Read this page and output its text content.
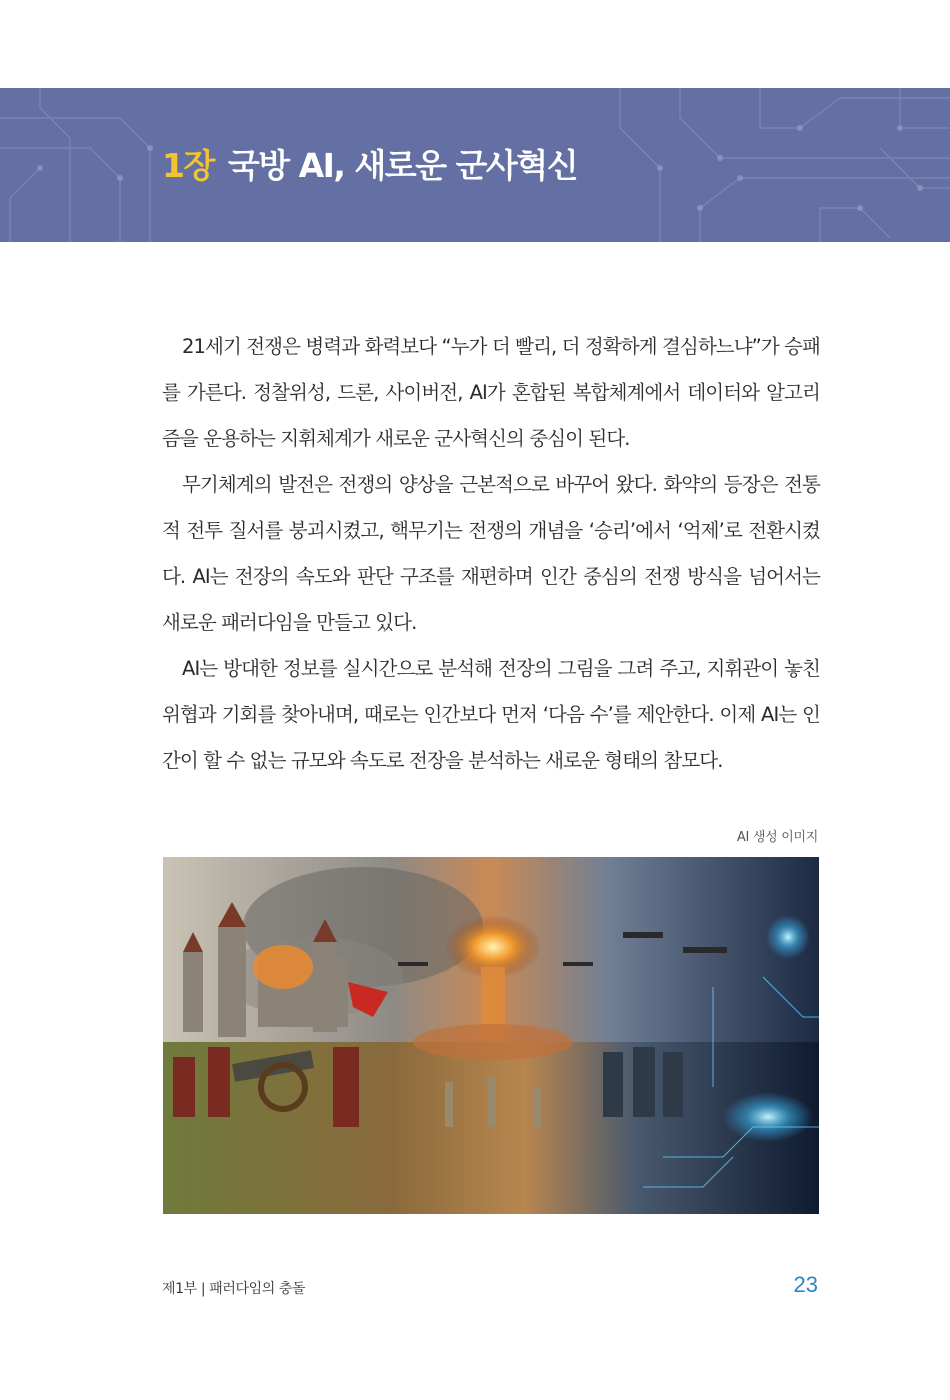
1장 국방 AI, 새로운 군사혁신

21세기 전쟁은 병력과 화력보다 “누가 더 빨리, 더 정확하게 결심하느냐”가 승패를 가른다. 정찰위성, 드론, 사이버전, AI가 혼합된 복합체계에서 데이터와 알고리즘을 운용하는 지휘체계가 새로운 군사혁신의 중심이 된다.

무기체계의 발전은 전쟁의 양상을 근본적으로 바꾸어 왔다. 화약의 등장은 전통적 전투 질서를 붕괴시켰고, 핵무기는 전쟁의 개념을 ‘승리’에서 ‘억제’로 전환시켰다. AI는 전장의 속도와 판단 구조를 재편하며 인간 중심의 전쟁 방식을 넘어서는 새로운 패러다임을 만들고 있다.

AI는 방대한 정보를 실시간으로 분석해 전장의 그림을 그려 주고, 지휘관이 놓친 위협과 기회를 찾아내며, 때로는 인간보다 먼저 ‘다음 수’를 제안한다. 이제 AI는 인간이 할 수 없는 규모와 속도로 전장을 분석하는 새로운 형태의 참모다.

AI 생성 이미지
제1부 | 패러다임의 충돌	23
